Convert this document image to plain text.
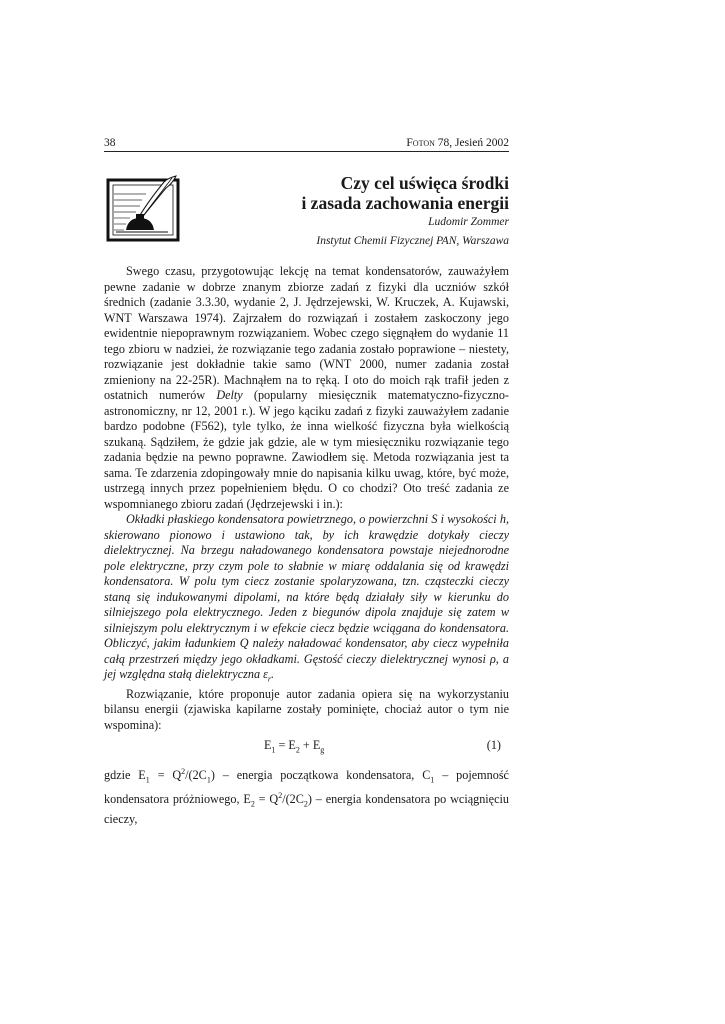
38	Foton 78, Jesień 2002
Czy cel uświęca środki
i zasada zachowania energii
Ludomir Zommer
Instytut Chemii Fizycznej PAN, Warszawa

Swego czasu, przygotowując lekcję na temat kondensatorów, zauważyłem pewne zadanie w dobrze znanym zbiorze zadań z fizyki dla uczniów szkół średnich (zadanie 3.3.30, wydanie 2, J. Jędrzejewski, W. Kruczek, A. Kujawski, WNT Warszawa 1974). Zajrzałem do rozwiązań i zostałem zaskoczony jego ewidentnie niepoprawnym rozwiązaniem. Wobec czego sięgnąłem do wydanie 11 tego zbioru w nadziei, że rozwiązanie tego zadania zostało poprawione – niestety, rozwiązanie jest dokładnie takie samo (WNT 2000, numer zadania został zmieniony na 22-25R). Machnąłem na to ręką. I oto do moich rąk trafił jeden z ostatnich numerów Delty (popularny miesięcznik matematyczno-fizyczno-astronomiczny, nr 12, 2001 r.). W jego kąciku zadań z fizyki zauważyłem zadanie bardzo podobne (F562), tyle tylko, że inna wielkość fizyczna była wielkością szukaną. Sądziłem, że gdzie jak gdzie, ale w tym miesięczniku rozwiązanie tego zadania będzie na pewno poprawne. Zawiodłem się. Metoda rozwiązania jest ta sama. Te zdarzenia zdopingowały mnie do napisania kilku uwag, które, być może, ustrzegą innych przez popełnieniem błędu. O co chodzi? Oto treść zadania ze wspomnianego zbioru zadań (Jędrzejewski i in.):

Okładki płaskiego kondensatora powietrznego, o powierzchni S i wysokości h, skierowano pionowo i ustawiono tak, by ich krawędzie dotykały cieczy dielektrycznej. Na brzegu naładowanego kondensatora powstaje niejednorodne pole elektryczne, przy czym pole to słabnie w miarę oddalania się od krawędzi kondensatora. W polu tym ciecz zostanie spolaryzowana, tzn. cząsteczki cieczy staną się indukowanymi dipolami, na które będą działały siły w kierunku do silniejszego pola elektrycznego. Jeden z biegunów dipola znajduje się zatem w silniejszym polu elektrycznym i w efekcie ciecz będzie wciągana do kondensatora. Obliczyć, jakim ładunkiem Q należy naładować kondensator, aby ciecz wypełniła całą przestrzeń między jego okładkami. Gęstość cieczy dielektrycznej wynosi ρ, a jej względna stałą dielektryczna $\varepsilon_r$.

Rozwiązanie, które proponuje autor zadania opiera się na wykorzystaniu bilansu energii (zjawiska kapilarne zostały pominięte, chociaż autor o tym nie wspomina):

$E_1 = E_2 + E_g$	(1)

gdzie $E_1 = Q^2/(2C_1)$ – energia początkowa kondensatora, $C_1$ – pojemność kondensatora próżniowego, $E_2 = Q^2/(2C_2)$ – energia kondensatora po wciągnięciu cieczy,
